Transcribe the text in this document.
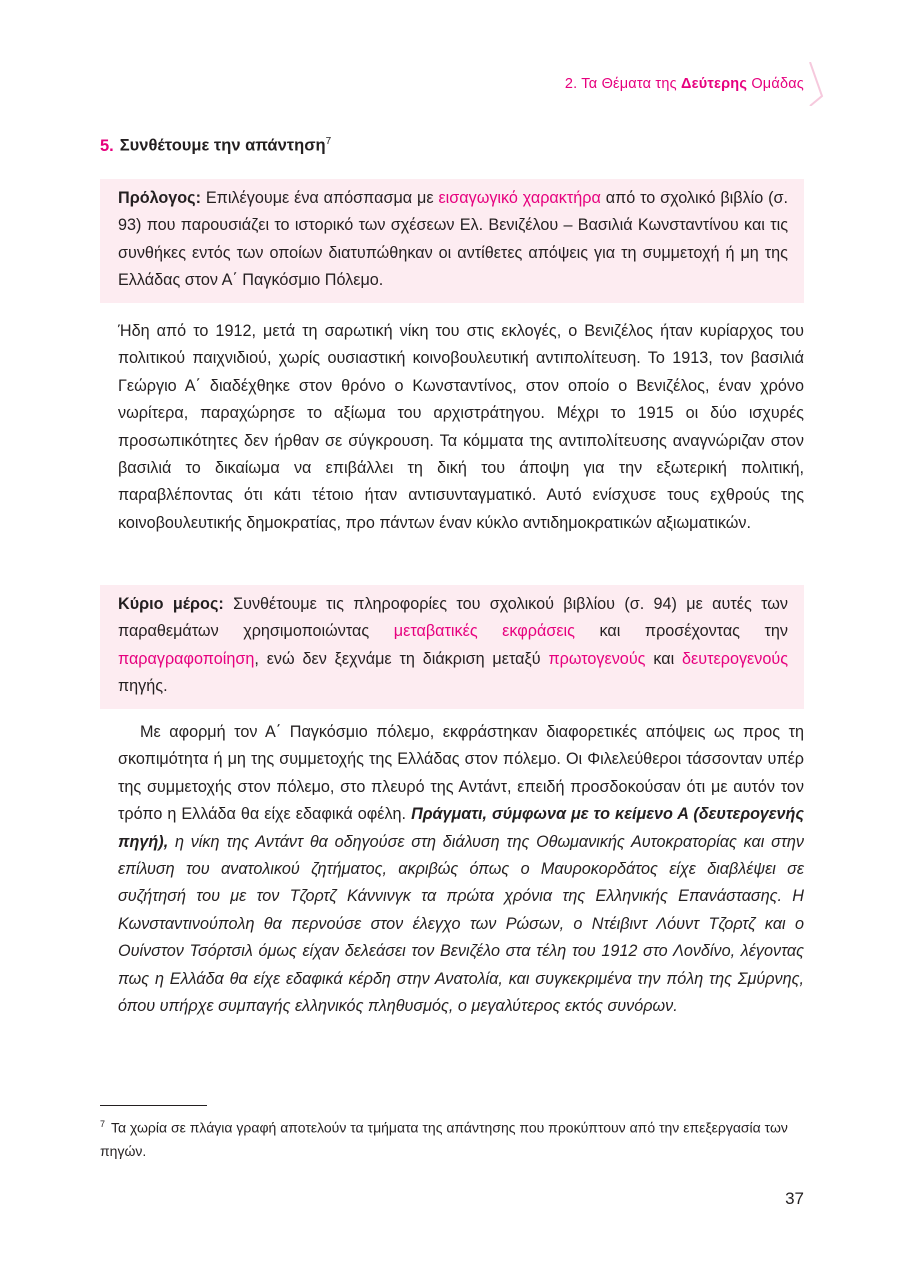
2. Τα Θέματα της Δεύτερης Ομάδας
5. Συνθέτουμε την απάντηση$^7$

Πρόλογος: Επιλέγουμε ένα απόσπασμα με εισαγωγικό χαρακτήρα από το σχολικό βιβλίο (σ. 93) που παρουσιάζει το ιστορικό των σχέσεων Ελ. Βενιζέλου – Βασιλιά Κωνσταντίνου και τις συνθήκες εντός των οποίων διατυπώθηκαν οι αντίθετες απόψεις για τη συμμετοχή ή μη της Ελλάδας στον Α΄ Παγκόσμιο Πόλεμο.

Ήδη από το 1912, μετά τη σαρωτική νίκη του στις εκλογές, ο Βενιζέλος ήταν κυρίαρχος του πολιτικού παιχνιδιού, χωρίς ουσιαστική κοινοβουλευτική αντιπολίτευση. Το 1913, τον βασιλιά Γεώργιο Α΄ διαδέχθηκε στον θρόνο ο Κωνσταντίνος, στον οποίο ο Βενιζέλος, έναν χρόνο νωρίτερα, παραχώρησε το αξίωμα του αρχιστράτηγου. Μέχρι το 1915 οι δύο ισχυρές προσωπικότητες δεν ήρθαν σε σύγκρουση. Τα κόμματα της αντιπολίτευσης αναγνώριζαν στον βασιλιά το δικαίωμα να επιβάλλει τη δική του άποψη για την εξωτερική πολιτική, παραβλέποντας ότι κάτι τέτοιο ήταν αντισυνταγματικό. Αυτό ενίσχυσε τους εχθρούς της κοινοβουλευτικής δημοκρατίας, προ πάντων έναν κύκλο αντιδημοκρατικών αξιωματικών.

Κύριο μέρος: Συνθέτουμε τις πληροφορίες του σχολικού βιβλίου (σ. 94) με αυτές των παραθεμάτων χρησιμοποιώντας μεταβατικές εκφράσεις και προσέχοντας την παραγραφοποίηση, ενώ δεν ξεχνάμε τη διάκριση μεταξύ πρωτογενούς και δευτερογενούς πηγής.

Με αφορμή τον Α΄ Παγκόσμιο πόλεμο, εκφράστηκαν διαφορετικές απόψεις ως προς τη σκοπιμότητα ή μη της συμμετοχής της Ελλάδας στον πόλεμο. Οι Φιλελεύθεροι τάσσονταν υπέρ της συμμετοχής στον πόλεμο, στο πλευρό της Αντάντ, επειδή προσδοκούσαν ότι με αυτόν τον τρόπο η Ελλάδα θα είχε εδαφικά οφέλη. Πράγματι, σύμφωνα με το κείμενο Α (δευτερογενής πηγή), η νίκη της Αντάντ θα οδηγούσε στη διάλυση της Οθωμανικής Αυτοκρατορίας και στην επίλυση του ανατολικού ζητήματος, ακριβώς όπως ο Μαυροκορδάτος είχε διαβλέψει σε συζήτησή του με τον Τζορτζ Κάννινγκ τα πρώτα χρόνια της Ελληνικής Επανάστασης. Η Κωνσταντινούπολη θα περνούσε στον έλεγχο των Ρώσων, ο Ντέιβιντ Λόυντ Τζορτζ και ο Ουίνστον Τσόρτσιλ όμως είχαν δελεάσει τον Βενιζέλο στα τέλη του 1912 στο Λονδίνο, λέγοντας πως η Ελλάδα θα είχε εδαφικά κέρδη στην Ανατολία, και συγκεκριμένα την πόλη της Σμύρνης, όπου υπήρχε συμπαγής ελληνικός πληθυσμός, ο μεγαλύτερος εκτός συνόρων.
$^7$ Τα χωρία σε πλάγια γραφή αποτελούν τα τμήματα της απάντησης που προκύπτουν από την επεξεργασία των πηγών.
37
